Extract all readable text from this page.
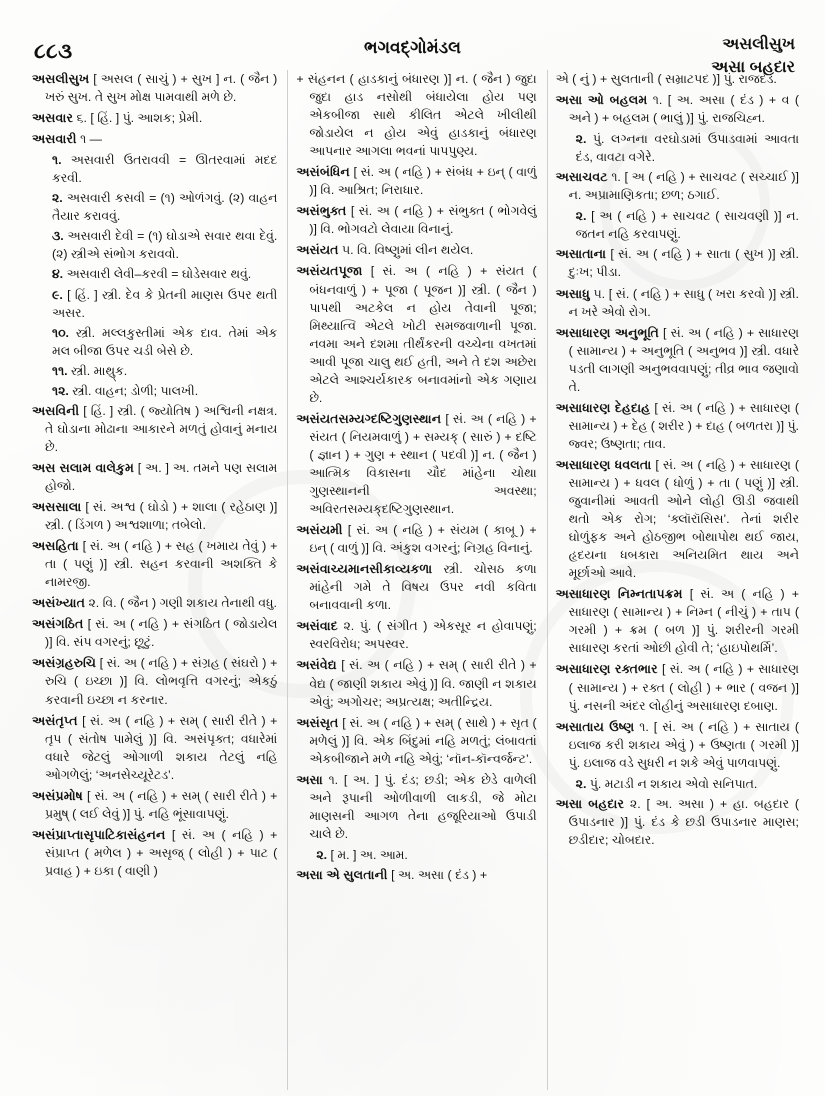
૮૮૩	ભગવદ્ગોમંડલ	અસલીસુખ
અસા બહદાર

અસલીસુખ [ અસલ ( સાચું ) + સુખ ] ન. ( જૈન ) ખરું સુખ. તે સુખ મોક્ષ પામવાથી મળે છે.

અસવાર ૬. [ હિં. ] પું. આશક; પ્રેમી.

અસવારી ૧ —

૧. અસવારી ઉતરાવવી = ઊતરવામાં મદદ કરવી.

૨. અસવારી કસવી = (૧) ઓળંગવું. (૨) વાહન તૈયાર કરાવવું.

૩. અસવારી દેવી = (૧) ઘોડાએ સવાર થવા દેવું. (૨) સ્ત્રીએ સંભોગ કરાવવો.

૪. અસવારી લેવી–કરવી = ઘોડેસવાર થવું.

૯. [ હિં. ] સ્ત્રી. દેવ કે પ્રેતની માણસ ઉપર થતી અસર.

૧૦. સ્ત્રી. મલ્લકુસ્તીમાં એક દાવ. તેમાં એક મલ બીજા ઉપર ચડી બેસે છે.

૧૧. સ્ત્રી. માથુ્ક.

૧૨. સ્ત્રી. વાહન; ડોળી; પાલખી.

અસવિની [ હિં. ] સ્ત્રી. ( જ્યોતિષ ) અશ્વિની નક્ષત્ર. તે ઘોડાના મોઢાના આકારને મળતું હોવાનું મનાય છે.

અસ સલામ વાલેકુમ [ અ. ] અ. તમને પણ સલામ હોજો.

અસસાલા [ સં. અશ્વ ( ઘોડો ) + શાલા ( રહેઠાણ )] સ્ત્રી. ( ડિંગળ ) અશ્વશાળા; તબેલો.

અસહિતા [ સં. અ ( નહિ ) + સહ ( ખમાય તેવું ) + તા ( પણું )] સ્ત્રી. સહન કરવાની અશક્તિ કે નામરજી.

અસંખ્યાત ૨. વિ. ( જૈન ) ગણી શકાય તેનાથી વધુ.

અસંગઠિત [ સં. અ ( નહિ ) + સંગઠિત ( જોડાયેલ )] વિ. સંપ વગરનું; છૂટું.

અસંગ્રહરુચિ [ સં. અ ( નહિ ) + સંગ્રહ ( સંઘરો ) + રુચિ ( ઇચ્છા )] વિ. લોભવૃત્તિ વગરનું; એકઠું કરવાની ઇચ્છા ન કરનાર.

અસંતૃપ્ત [ સં. અ ( નહિ ) + સમ્ ( સારી રીતે ) + તૃપ ( સંતોષ પામેલું )] વિ. અસંપૃક્ત; વધારેમાં વધારે જેટલું ઓગાળી શકાય તેટલું નહિ ઓગળેલું; ‘અનસેચ્યૂરેટડ’.

અસંપ્રમોષ [ સં. અ ( નહિ ) + સમ્ ( સારી રીતે ) + પ્રમુષ્ ( લઈ લેવું )] પું. નહિ ભૂંસાવાપણું.

અસંપ્રાપ્તાસૃપાટિકાસંહનન [ સં. અ ( નહિ ) + સંપ્રાપ્ત ( મળેલ ) + અસૃજ્ ( લોહી ) + પાટ ( પ્રવાહ ) + ઇકા ( વાણી )

+ સંહનન ( હાડકાનું બંધારણ )] ન. ( જૈન ) જુદા જુદા હાડ નસોથી બંધાયેલા હોય પણ એકબીજા સાથે કીલિત એટલે ખીલીથી જોડાયેલ ન હોય એવું હાડકાનું બંધારણ આપનાર આગલા ભવનાં પાપપુણ્ય.

અસંબંધિન [ સં. અ ( નહિ ) + સંબંધ + ઇન્ ( વાળું )] વિ. આશ્રિત; નિરાધાર.

અસંભુક્ત [ સં. અ ( નહિ ) + સંભુક્ત ( ભોગવેલું )] વિ. ભોગવટો લેવાયા વિનાનું.

અસંયત ૫. વિ. વિષ્ણુમાં લીન થયેલ.

અસંયતપૂજા [ સં. અ ( નહિ ) + સંયત ( બંધનવાળું ) + પૂજા ( પૂજન )] સ્ત્રી. ( જૈન ) પાપથી અટકેલ ન હોય તેવાની પૂજા; મિથ્યાત્વિ એટલે ખોટી સમજવાળાની પૂજા. નવમા અને દશમા તીર્થંકરની વચ્ચેના વખતમાં આવી પૂજા ચાલુ થઈ હતી, અને તે દશ અછેરા એટલે આશ્ચર્યકારક બનાવમાંનો એક ગણાય છે.

અસંયતસમ્યગ્દષ્ટિગુણસ્થાન [ સં. અ ( નહિ ) + સંયત ( નિયમવાળું ) + સમ્યક્ ( સારું ) + દષ્ટિ ( જ્ઞાન ) + ગુણ + સ્થાન ( પદવી )] ન. ( જૈન ) આત્મિક વિકાસના ચૌદ માંહેના ચોથા ગુણસ્થાનની અવસ્થા; અવિરતસમ્યક્‌દષ્ટિગુણસ્થાન.

અસંયમી [ સં. અ ( નહિ ) + સંયમ ( કાબૂ ) + ઇન્ ( વાળું )] વિ. અંકુશ વગરનું; નિગ્રહ વિનાનું.

અસંવાચ્યમાનસીકાવ્યકળા સ્ત્રી. ચોસઠ કળા માંહેની ગમે તે વિષય ઉપર નવી કવિતા બનાવવાની કળા.

અસંવાદ ૨. પું. ( સંગીત ) એકસૂર ન હોવાપણું; સ્વરવિરોધ; અપસ્વર.

અસંવેદ્ય [ સં. અ ( નહિ ) + સમ્ ( સારી રીતે ) + વેદ્ય ( જાણી શકાય એવું )] વિ. જાણી ન શકાય એવું; અગોચર; અપ્રત્યક્ષ; અતીન્દ્રિય.

અસંસૃત [ સં. અ ( નહિ ) + સમ્ ( સાથે ) + સૃત ( મળેલું )] વિ. એક બિંદુમાં નહિ મળતું; લંબાવતાં એકબીજાને મળે નહિ એવું; ‘નૉન-કૉન્વર્જન્ટ’.

અસા ૧. [ અ. ] પું. દંડ; છડી; એક છેડે વાળેલી અને રૂપાની ઓળીવાળી લાકડી, જે મોટા માણસની આગળ તેના હજૂરિયાઓ ઉપાડી ચાલે છે.

૨. [ મ. ] અ. આમ.

અસા એ સુલતાની [ અ. અસા ( દંડ ) +

એ ( નું ) + સુલતાની ( સમ્રાટપદ )] પું. રાજદંડ.

અસા ઓ બહલમ ૧. [ અ. અસા ( દંડ ) + વ ( અને ) + બહલમ ( ભાલું )] પું. રાજચિહ્ન.

૨. પું. લગ્નના વરઘોડામાં ઉપાડવામાં આવતા દંડ, વાવટા વગેરે.

અસાચવટ ૧. [ અ ( નહિ ) + સાચવટ ( સચ્ચાઈ )] ન. અપ્રામાણિકતા; છળ; ઠગાઈ.

૨. [ અ ( નહિ ) + સાચવટ ( સાચવણી )] ન. જતન નહિ કરવાપણું.

અસાતાના [ સં. અ ( નહિ ) + સાતા ( સુખ )] સ્ત્રી. દુઃખ; પીડા.

અસાધુ ૫. [ સં. ( નહિ ) + સાધુ ( ખરા કરવો )] સ્ત્રી. ન ખરે એવો રોગ.

અસાધારણ અનુભૂતિ [ સં. અ ( નહિ ) + સાધારણ ( સામાન્ય ) + અનુભૂતિ ( અનુભવ )] સ્ત્રી. વધારે પડતી લાગણી અનુભવવાપણું; તીવ્ર ભાવ જણાવો તે.

અસાધારણ દેહદાહ [ સં. અ ( નહિ ) + સાધારણ ( સામાન્ય ) + દેહ ( શરીર ) + દાહ ( બળતરા )] પું. જ્વર; ઉષ્ણતા; તાવ.

અસાધારણ ધવલતા [ સં. અ ( નહિ ) + સાધારણ ( સામાન્ય ) + ધવલ ( ધોળું ) + તા ( પણું )] સ્ત્રી. જુવાનીમાં આવતી ઓને લોહી ઊડી જવાથી થતો એક રોગ; ‘ક્લૉરૉસિસ’. તેનાં શરીર ઘોળુંફક અને હોઠજીભ બોથાપોથ થઈ જાય, હૃદયના ધબકારા અનિયમિત થાય અને મૂર્છાઓ આવે.

અસાધારણ નિમ્નતાપક્રમ [ સં. અ ( નહિ ) + સાધારણ ( સામાન્ય ) + નિમ્ન ( નીચું ) + તાપ ( ગરમી ) + ક્રમ ( બળ )] પું. શરીરની ગરમી સાધારણ કરતાં ઓછી હોવી તે; ‘હાઇપોથર્મિ’.

અસાધારણ રક્તભાર [ સં. અ ( નહિ ) + સાધારણ ( સામાન્ય ) + રક્ત ( લોહી ) + ભાર ( વજન )] પું. નસની અંદર લોહીનું અસાધારણ દબાણ.

અસાતાય ઉષ્ણ ૧. [ સં. અ ( નહિ ) + સાતાય ( ઇલાજ કરી શકાય એવું ) + ઉષ્ણતા ( ગરમી )] પું. ઇલાજ વડે સુધરી ન શકે એવું પાળવાપણું.

૨. પું. મટાડી ન શકાય એવો સનિપાત.

અસા બહદાર ૨. [ અ. અસા ) + હા. બહદાર ( ઉપાડનાર )] પું. દંડ કે છડી ઉપાડનાર માણસ; છડીદાર; ચોબદાર.
